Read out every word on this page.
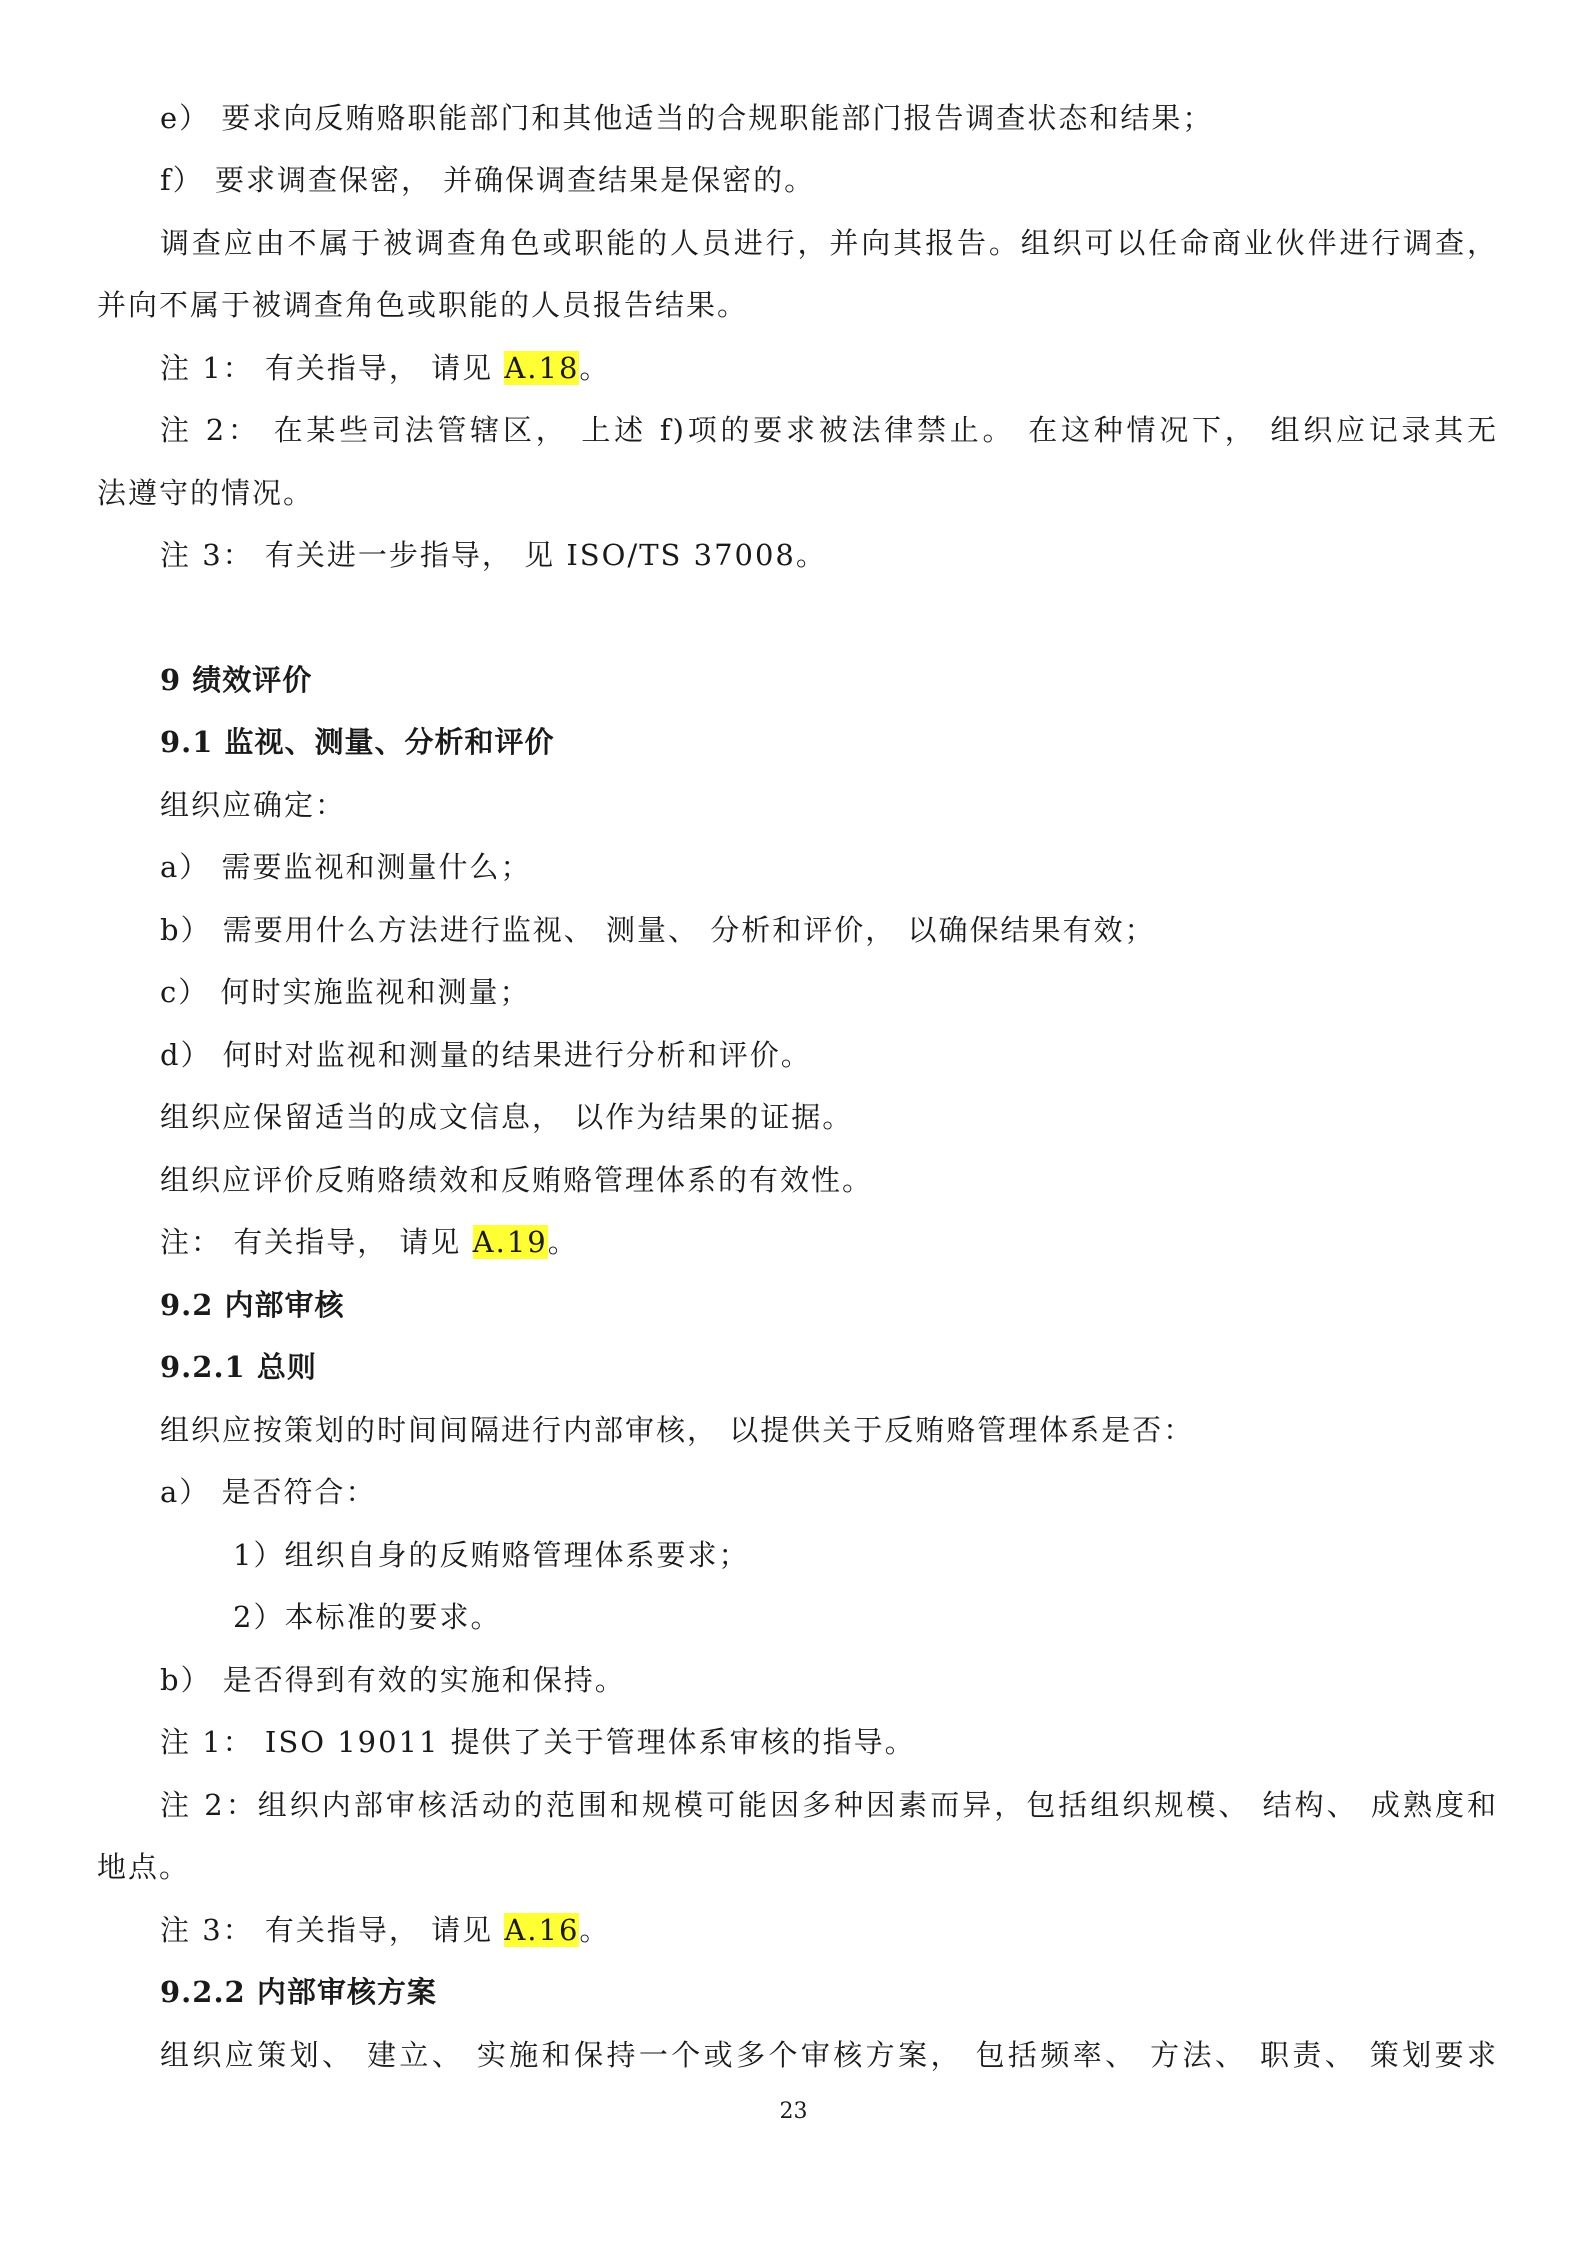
e） 要求向反贿赂职能部门和其他适当的合规职能部门报告调查状态和结果；
f） 要求调查保密， 并确保调查结果是保密的。
调查应由不属于被调查角色或职能的人员进行，并向其报告。组织可以任命商业伙伴进行调查，
并向不属于被调查角色或职能的人员报告结果。
注 1： 有关指导， 请见 A.18。
注 2： 在某些司法管辖区， 上述 f)项的要求被法律禁止。 在这种情况下， 组织应记录其无
法遵守的情况。
注 3： 有关进一步指导， 见 ISO/TS 37008。
9 绩效评价
9.1 监视、测量、分析和评价
组织应确定：
a） 需要监视和测量什么；
b） 需要用什么方法进行监视、 测量、 分析和评价， 以确保结果有效；
c） 何时实施监视和测量；
d） 何时对监视和测量的结果进行分析和评价。
组织应保留适当的成文信息， 以作为结果的证据。
组织应评价反贿赂绩效和反贿赂管理体系的有效性。
注： 有关指导， 请见 A.19。
9.2 内部审核
9.2.1 总则
组织应按策划的时间间隔进行内部审核， 以提供关于反贿赂管理体系是否：
a） 是否符合：
1）组织自身的反贿赂管理体系要求；
2）本标准的要求。
b） 是否得到有效的实施和保持。
注 1： ISO 19011 提供了关于管理体系审核的指导。
注 2：组织内部审核活动的范围和规模可能因多种因素而异，包括组织规模、 结构、 成熟度和
地点。
注 3： 有关指导， 请见 A.16。
9.2.2 内部审核方案
组织应策划、 建立、 实施和保持一个或多个审核方案， 包括频率、 方法、 职责、 策划要求
23
